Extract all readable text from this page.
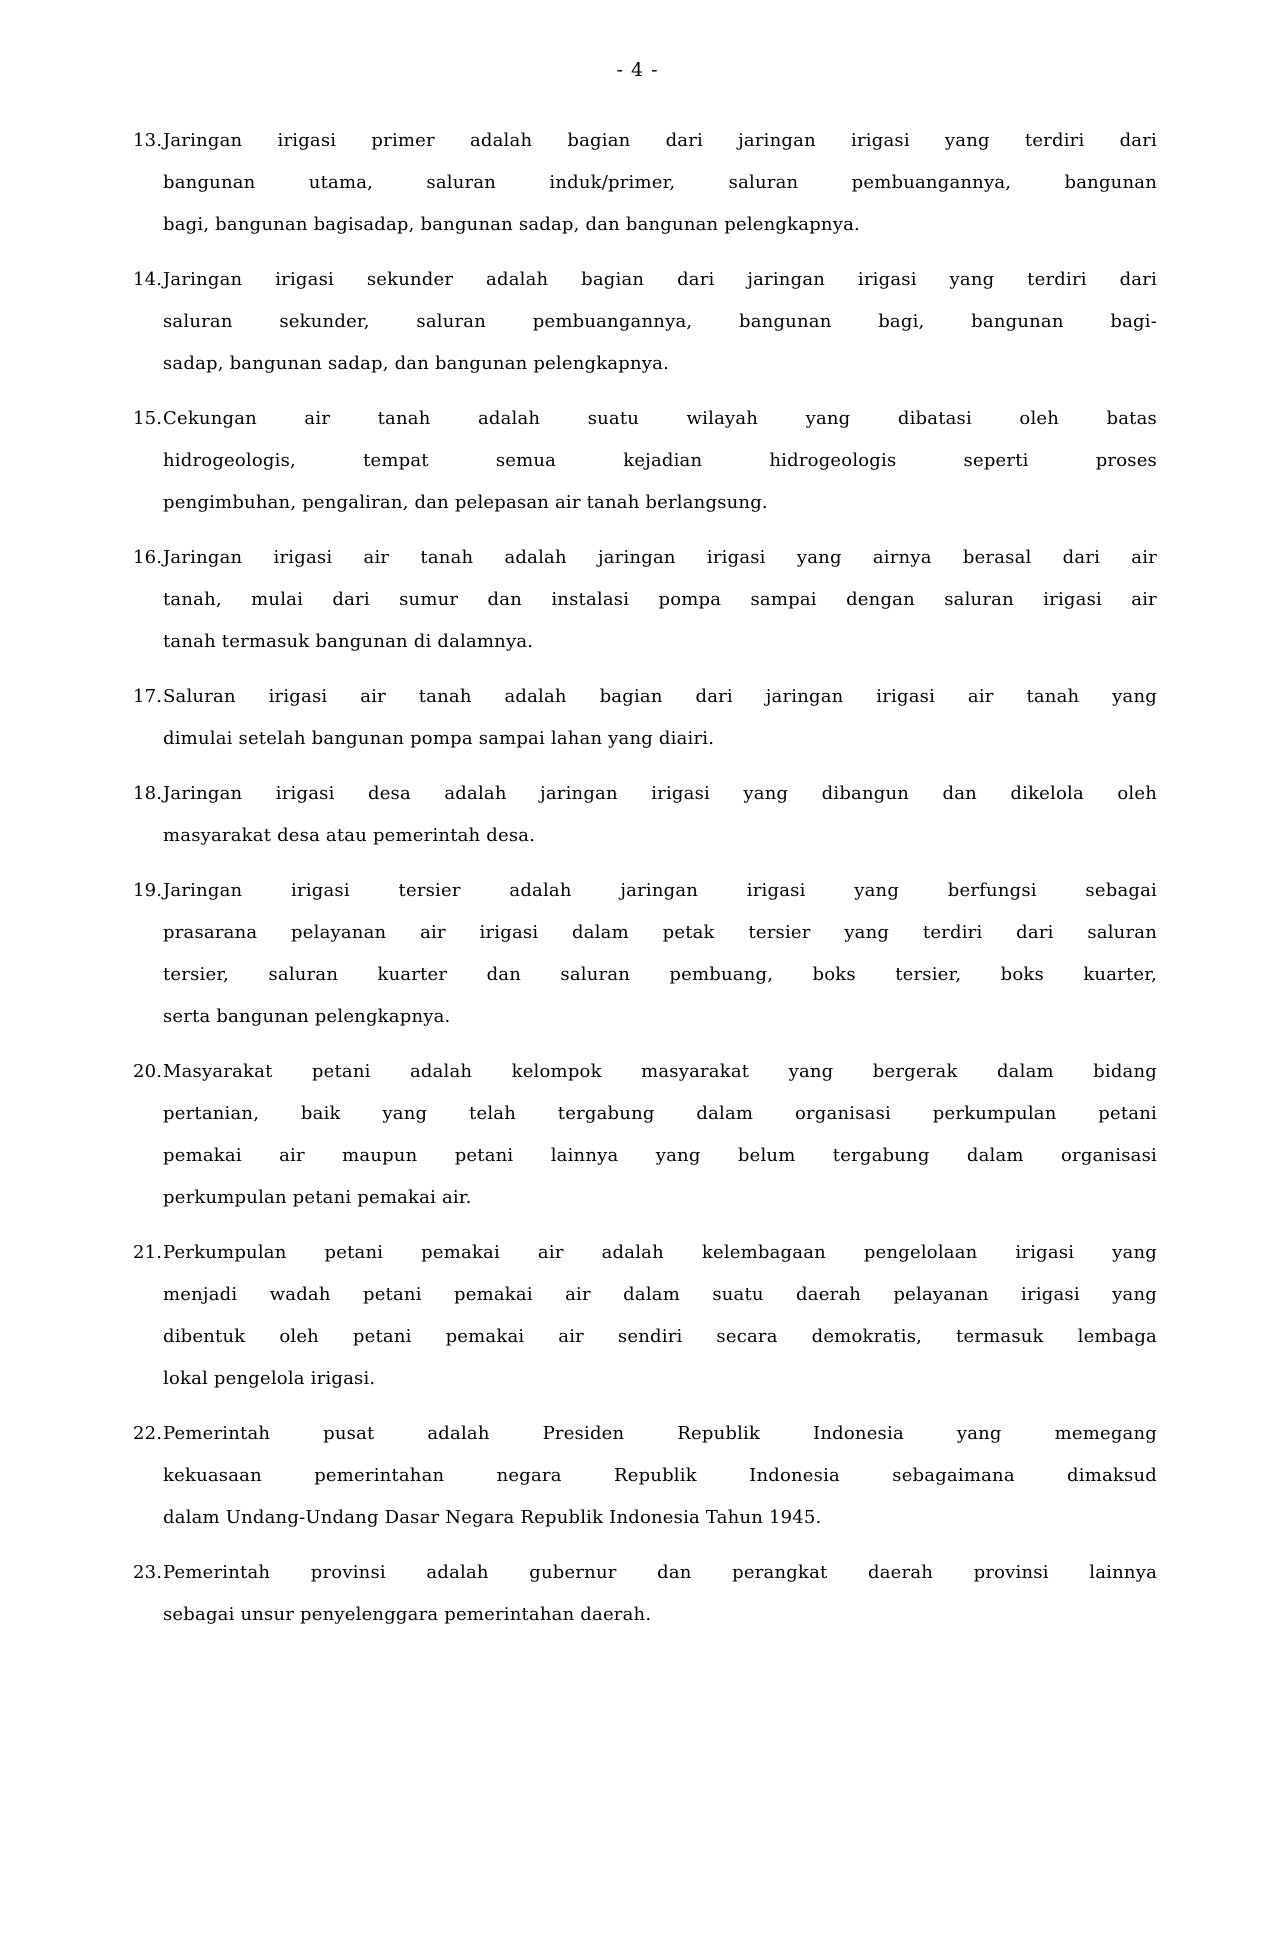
- 4 -
13. Jaringan irigasi primer adalah bagian dari jaringan irigasi yang terdiri dari
bangunan utama, saluran induk/primer, saluran pembuangannya, bangunan
bagi, bangunan bagisadap, bangunan sadap, dan bangunan pelengkapnya.
14. Jaringan irigasi sekunder adalah bagian dari jaringan irigasi yang terdiri dari
saluran sekunder, saluran pembuangannya, bangunan bagi, bangunan bagi-
sadap, bangunan sadap, dan bangunan pelengkapnya.
15. Cekungan air tanah adalah suatu wilayah yang dibatasi oleh batas
hidrogeologis, tempat semua kejadian hidrogeologis seperti proses
pengimbuhan, pengaliran, dan pelepasan air tanah berlangsung.
16. Jaringan irigasi air tanah adalah jaringan irigasi yang airnya berasal dari air
tanah, mulai dari sumur dan instalasi pompa sampai dengan saluran irigasi air
tanah termasuk bangunan di dalamnya.
17. Saluran irigasi air tanah adalah bagian dari jaringan irigasi air tanah yang
dimulai setelah bangunan pompa sampai lahan yang diairi.
18. Jaringan irigasi desa adalah jaringan irigasi yang dibangun dan dikelola oleh
masyarakat desa atau pemerintah desa.
19. Jaringan irigasi tersier adalah jaringan irigasi yang berfungsi sebagai
prasarana pelayanan air irigasi dalam petak tersier yang terdiri dari saluran
tersier, saluran kuarter dan saluran pembuang, boks tersier, boks kuarter,
serta bangunan pelengkapnya.
20. Masyarakat petani adalah kelompok masyarakat yang bergerak dalam bidang
pertanian, baik yang telah tergabung dalam organisasi perkumpulan petani
pemakai air maupun petani lainnya yang belum tergabung dalam organisasi
perkumpulan petani pemakai air.
21. Perkumpulan petani pemakai air adalah kelembagaan pengelolaan irigasi yang
menjadi wadah petani pemakai air dalam suatu daerah pelayanan irigasi yang
dibentuk oleh petani pemakai air sendiri secara demokratis, termasuk lembaga
lokal pengelola irigasi.
22. Pemerintah pusat adalah Presiden Republik Indonesia yang memegang
kekuasaan pemerintahan negara Republik Indonesia sebagaimana dimaksud
dalam Undang-Undang Dasar Negara Republik Indonesia Tahun 1945.
23. Pemerintah provinsi adalah gubernur dan perangkat daerah provinsi lainnya
sebagai unsur penyelenggara pemerintahan daerah.
